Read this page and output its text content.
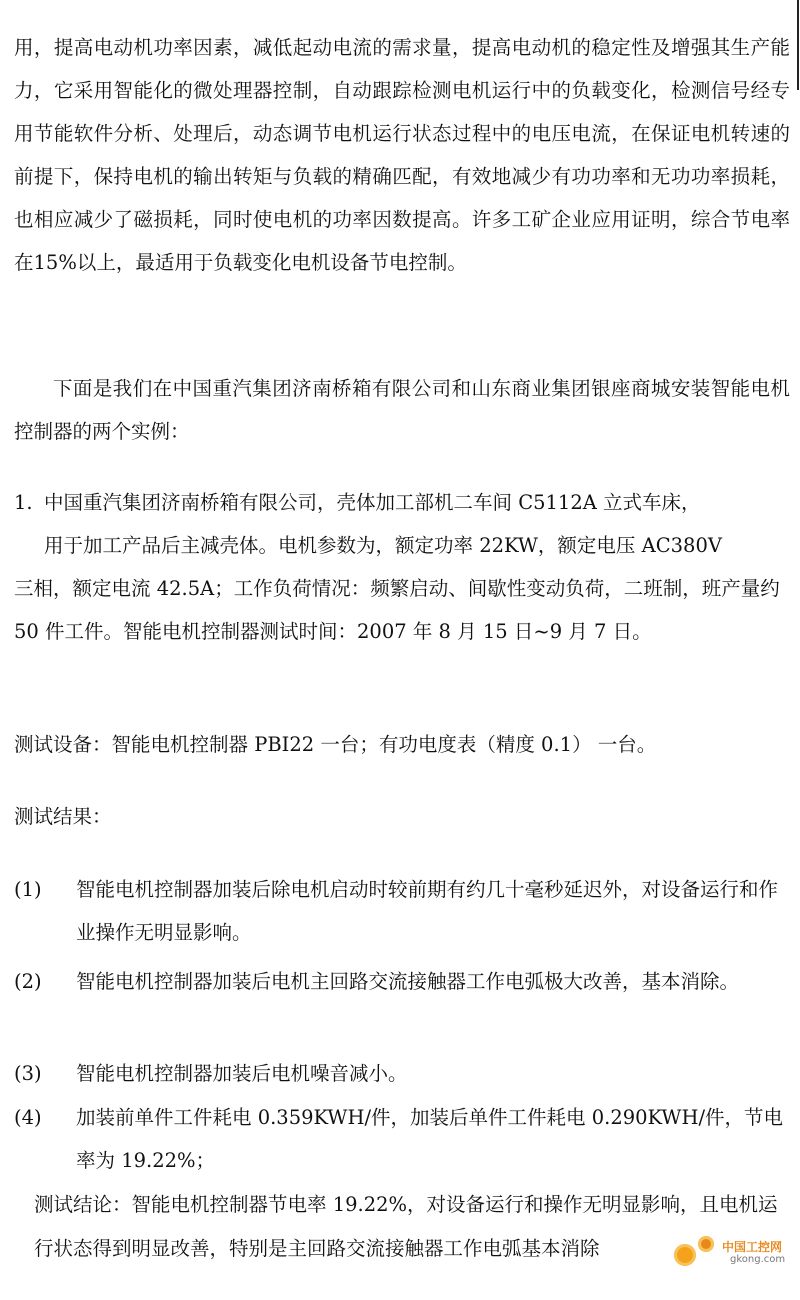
用，提高电动机功率因素，减低起动电流的需求量，提高电动机的稳定性及增强其生产能力，它采用智能化的微处理器控制，自动跟踪检测电机运行中的负载变化，检测信号经专用节能软件分析、处理后，动态调节电机运行状态过程中的电压电流，在保证电机转速的前提下，保持电机的输出转矩与负载的精确匹配，有效地减少有功功率和无功功率损耗，也相应减少了磁损耗，同时使电机的功率因数提高。许多工矿企业应用证明，综合节电率在15%以上，最适用于负载变化电机设备节电控制。
下面是我们在中国重汽集团济南桥箱有限公司和山东商业集团银座商城安装智能电机控制器的两个实例：
1. 中国重汽集团济南桥箱有限公司，壳体加工部机二车间 C5112A 立式车床，
用于加工产品后主减壳体。电机参数为，额定功率 22KW，额定电压 AC380V
三相，额定电流 42.5A；工作负荷情况：频繁启动、间歇性变动负荷，二班制，班产量约 50 件工件。智能电机控制器测试时间：2007 年 8 月 15 日~9 月 7 日。
测试设备：智能电机控制器 PBI22 一台；有功电度表（精度 0.1） 一台。
测试结果：
(1)	智能电机控制器加装后除电机启动时较前期有约几十毫秒延迟外，对设备运行和作业操作无明显影响。
(2)	智能电机控制器加装后电机主回路交流接触器工作电弧极大改善，基本消除。
(3)	智能电机控制器加装后电机噪音减小。
(4)	加装前单件工件耗电 0.359KWH/件，加装后单件工件耗电 0.290KWH/件，节电率为 19.22%；
测试结论：智能电机控制器节电率 19.22%，对设备运行和操作无明显影响，且电机运行状态得到明显改善，特别是主回路交流接触器工作电弧基本消除	中国工控网
gkong.com
